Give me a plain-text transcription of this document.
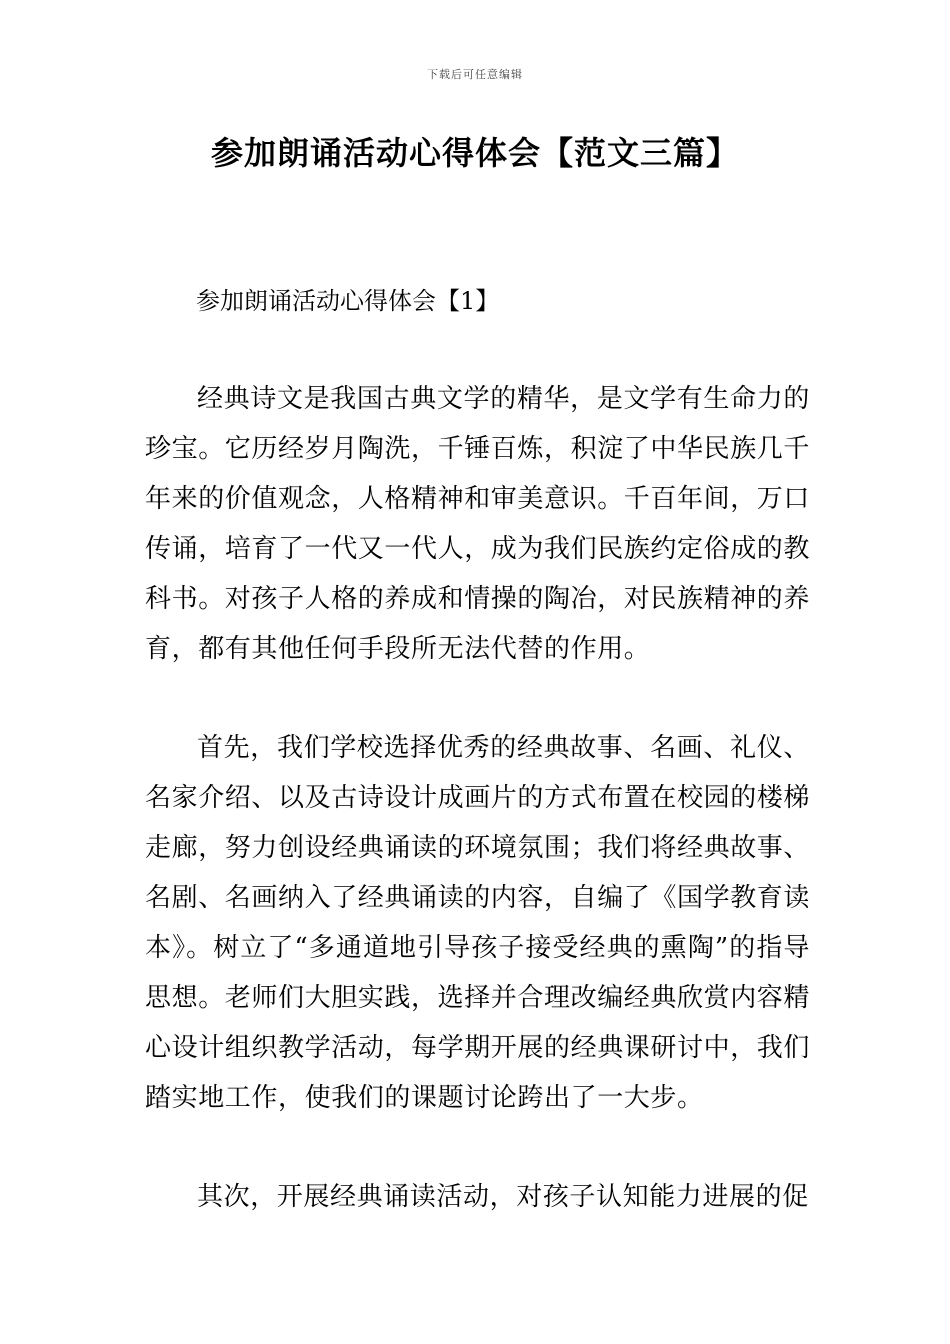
下载后可任意编辑
参加朗诵活动心得体会【范文三篇】
参加朗诵活动心得体会【1】

经典诗文是我国古典文学的精华，是文学有生命力的珍宝。它历经岁月陶洗，千锤百炼，积淀了中华民族几千年来的价值观念，人格精神和审美意识。千百年间，万口传诵，培育了一代又一代人，成为我们民族约定俗成的教科书。对孩子人格的养成和情操的陶冶，对民族精神的养育，都有其他任何手段所无法代替的作用。

首先，我们学校选择优秀的经典故事、名画、礼仪、名家介绍、以及古诗设计成画片的方式布置在校园的楼梯走廊，努力创设经典诵读的环境氛围；我们将经典故事、名剧、名画纳入了经典诵读的内容，自编了《国学教育读本》。树立了“多通道地引导孩子接受经典的熏陶”的指导思想。老师们大胆实践，选择并合理改编经典欣赏内容精心设计组织教学活动，每学期开展的经典课研讨中，我们踏实地工作，使我们的课题讨论跨出了一大步。

其次，开展经典诵读活动，对孩子认知能力进展的促
